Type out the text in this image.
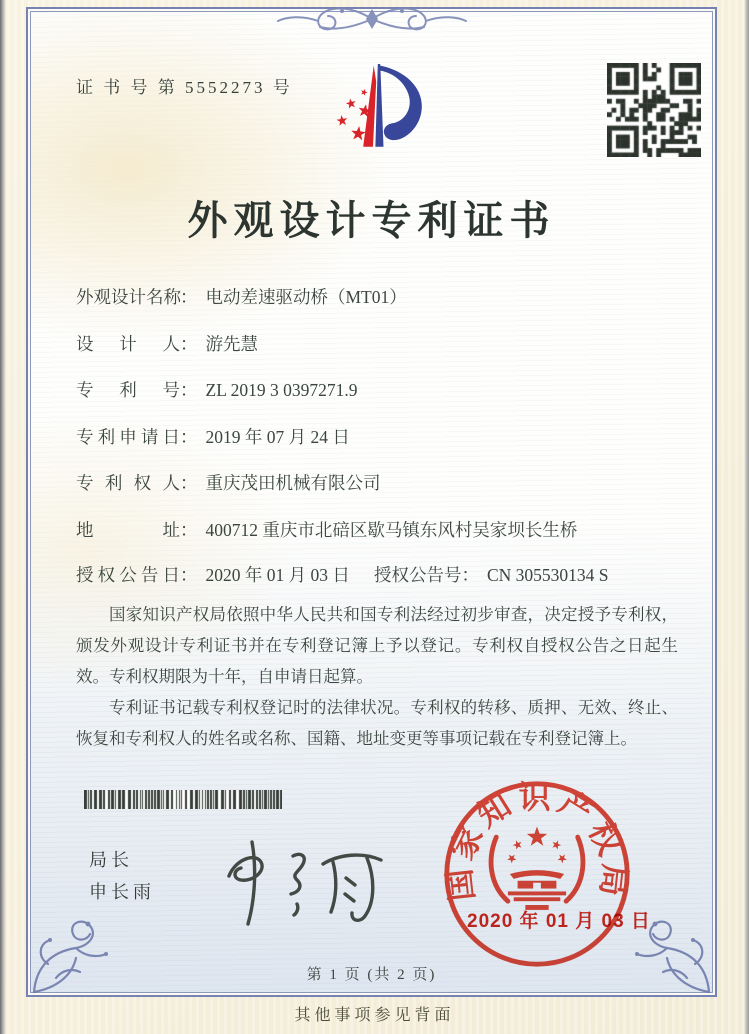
证 书 号 第 5552273 号
外观设计专利证书
外观设计名称： 电动差速驱动桥（MT01）
设计人： 游先慧
专利号： ZL 2019 3 0397271.9
专利申请日： 2019 年 07 月 24 日
专利权人： 重庆茂田机械有限公司
地址： 400712 重庆市北碚区歇马镇东风村吴家坝长生桥
授权公告日： 2020 年 01 月 03 日 授权公告号： CN 305530134 S

国家知识产权局依照中华人民共和国专利法经过初步审查，决定授予专利权，颁发外观设计专利证书并在专利登记簿上予以登记。专利权自授权公告之日起生效。专利权期限为十年，自申请日起算。

专利证书记载专利权登记时的法律状况。专利权的转移、质押、无效、终止、恢复和专利权人的姓名或名称、国籍、地址变更等事项记载在专利登记簿上。

局长
申长雨	国家知识产权局
2020 年 01 月 03 日
第 1 页 (共 2 页)
其他事项参见背面
